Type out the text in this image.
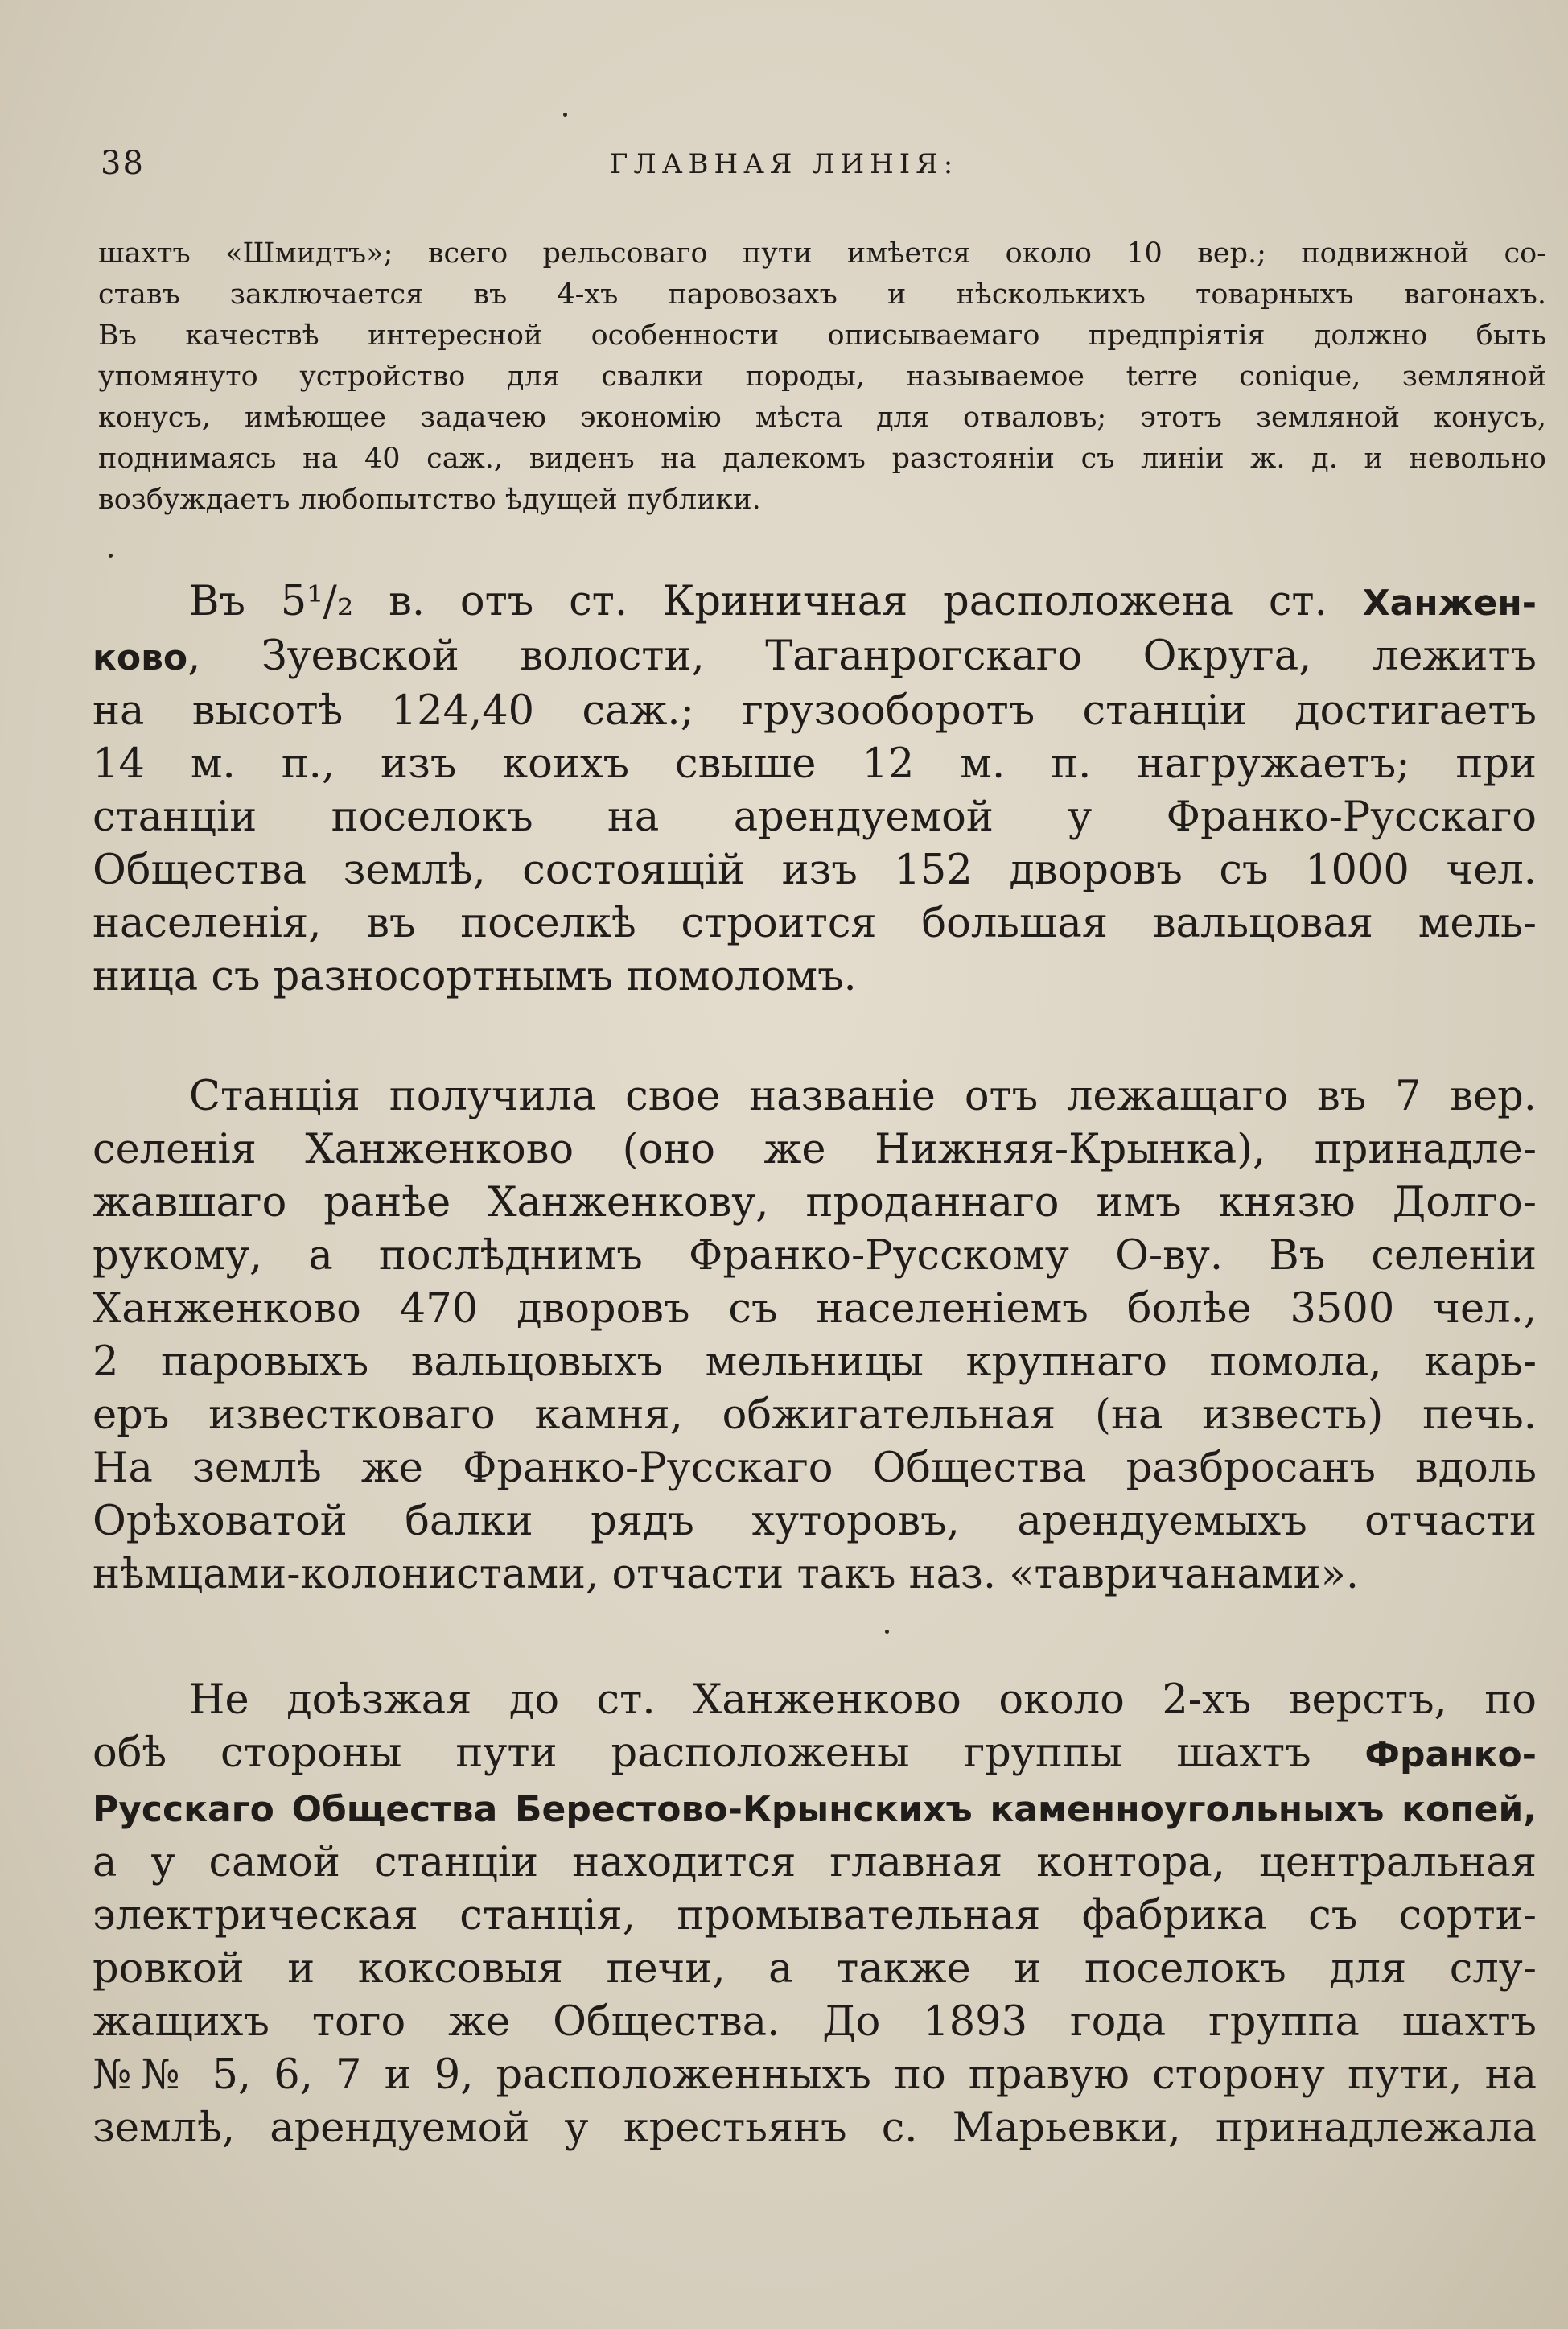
38	ГЛАВНАЯ ЛИНІЯ:

шахтъ «Шмидтъ»; всего рельсоваго пути имѣется около 10 вер.; подвижной со-

ставъ заключается въ 4-хъ паровозахъ и нѣсколькихъ товарныхъ вагонахъ.

Въ качествѣ интересной особенности описываемаго предпріятія должно быть

упомянуто устройство для свалки породы, называемое terre conique, земляной

конусъ, имѣющее задачею экономію мѣста для отваловъ; этотъ земляной конусъ,

поднимаясь на 40 саж., виденъ на далекомъ разстояніи съ линіи ж. д. и невольно

возбуждаетъ любопытство ѣдущей публики.

Въ 5¹/₂ в. отъ ст. Криничная расположена ст. Ханжен-

ково, Зуевской волости, Таганрогскаго Округа, лежитъ

на высотѣ 124,40 саж.; грузооборотъ станціи достигаетъ

14 м. п., изъ коихъ свыше 12 м. п. нагружаетъ; при

станціи поселокъ на арендуемой у Франко-Русскаго

Общества землѣ, состоящій изъ 152 дворовъ съ 1000 чел.

населенія, въ поселкѣ строится большая вальцовая мель-

ница съ разносортнымъ помоломъ.

Станція получила свое названіе отъ лежащаго въ 7 вер.

селенія Ханженково (оно же Нижняя-Крынка), принадле-

жавшаго ранѣе Ханженкову, проданнаго имъ князю Долго-

рукому, а послѣднимъ Франко-Русскому О-ву. Въ селеніи

Ханженково 470 дворовъ съ населеніемъ болѣе 3500 чел.,

2 паровыхъ вальцовыхъ мельницы крупнаго помола, карь-

еръ известковаго камня, обжигательная (на известь) печь.

На землѣ же Франко-Русскаго Общества разбросанъ вдоль

Орѣховатой балки рядъ хуторовъ, арендуемыхъ отчасти

нѣмцами-колонистами, отчасти такъ наз. «тавричанами».

Не доѣзжая до ст. Ханженково около 2-хъ верстъ, по

обѣ стороны пути расположены группы шахтъ Франко-

Русскаго Общества Берестово-Крынскихъ каменноугольныхъ копей,

а у самой станціи находится главная контора, центральная

электрическая станція, промывательная фабрика съ сорти-

ровкой и коксовыя печи, а также и поселокъ для слу-

жащихъ того же Общества. До 1893 года группа шахтъ

№№ 5, 6, 7 и 9, расположенныхъ по правую сторону пути, на

землѣ, арендуемой у крестьянъ с. Марьевки, принадлежала
